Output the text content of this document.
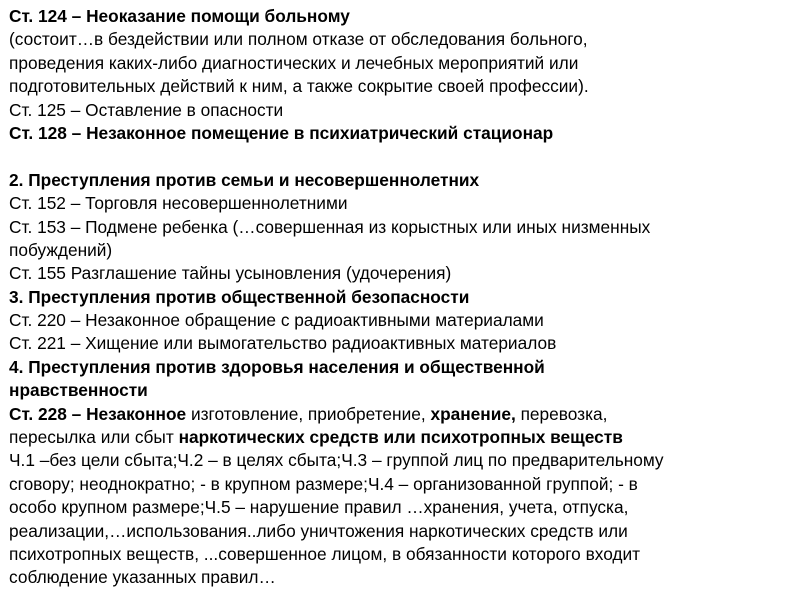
Ст. 124 – Неоказание помощи больному
(состоит…в бездействии или полном отказе от обследования больного,
проведения каких-либо диагностических и лечебных мероприятий или
подготовительных действий к ним, а также сокрытие своей профессии).
Ст. 125 – Оставление в опасности
Ст. 128 – Незаконное помещение в психиатрический стационар
2. Преступления против семьи и несовершеннолетних
Ст. 152 – Торговля несовершеннолетними
Ст. 153 – Подмене ребенка (…совершенная из корыстных или иных низменных
побуждений)
Ст. 155 Разглашение тайны усыновления (удочерения)
3. Преступления против общественной безопасности
Ст. 220 – Незаконное обращение с радиоактивными материалами
Ст. 221 – Хищение или вымогательство радиоактивных материалов
4. Преступления против здоровья населения и общественной
нравственности
Ст. 228 – Незаконное изготовление, приобретение, хранение, перевозка,
пересылка или сбыт наркотических средств или психотропных веществ
Ч.1 –без цели сбыта;Ч.2 – в целях сбыта;Ч.3 – группой лиц по предварительному
сговору; неоднократно; - в крупном размере;Ч.4 – организованной группой; - в
особо крупном размере;Ч.5 – нарушение правил …хранения, учета, отпуска,
реализации,…использования..либо уничтожения наркотических средств или
психотропных веществ, ...совершенное лицом, в обязанности которого входит
соблюдение указанных правил…
